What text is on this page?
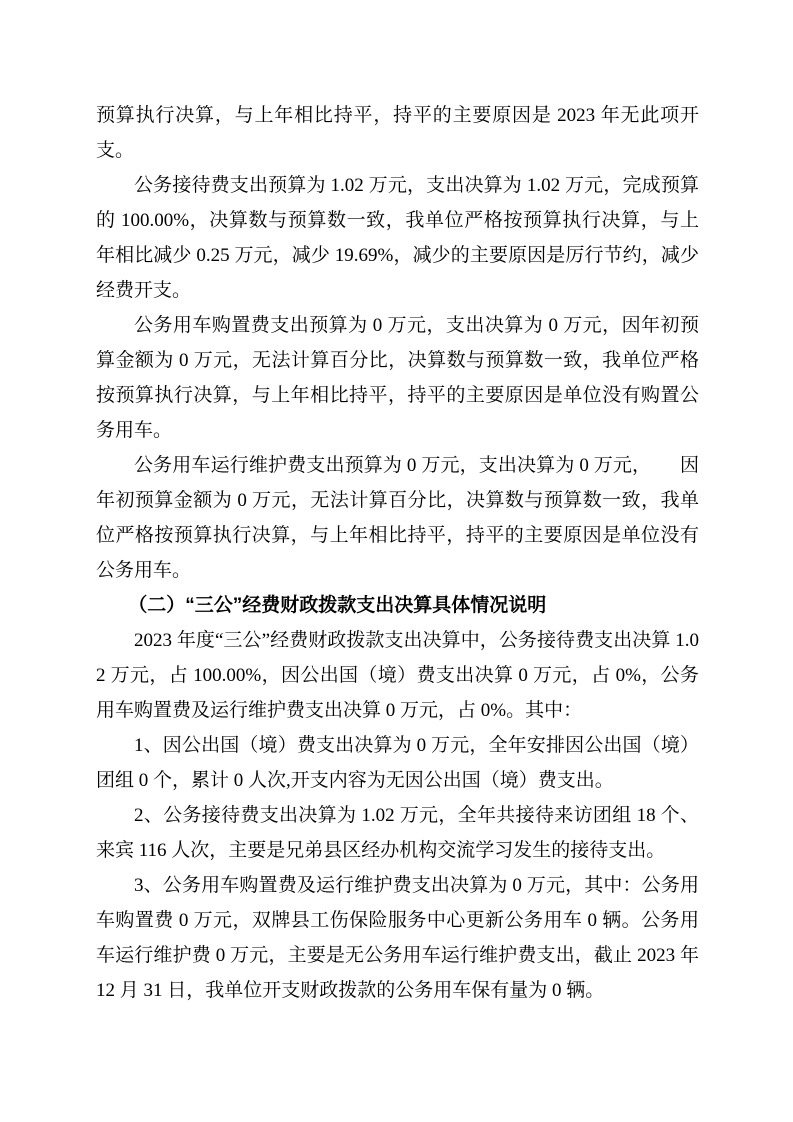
预算执行决算，与上年相比持平，持平的主要原因是 2023 年无此项开支。

公务接待费支出预算为 1.02 万元，支出决算为 1.02 万元，完成预算的 100.00%，决算数与预算数一致，我单位严格按预算执行决算，与上年相比减少 0.25 万元，减少 19.69%，减少的主要原因是厉行节约，减少经费开支。

公务用车购置费支出预算为 0 万元，支出决算为 0 万元，因年初预算金额为 0 万元，无法计算百分比，决算数与预算数一致，我单位严格按预算执行决算，与上年相比持平，持平的主要原因是单位没有购置公务用车。

公务用车运行维护费支出预算为 0 万元，支出决算为 0 万元，　　因年初预算金额为 0 万元，无法计算百分比，决算数与预算数一致，我单位严格按预算执行决算，与上年相比持平，持平的主要原因是单位没有公务用车。

（二）“三公”经费财政拨款支出决算具体情况说明

2023 年度“三公”经费财政拨款支出决算中，公务接待费支出决算 1.02 万元，占 100.00%，因公出国（境）费支出决算 0 万元，占 0%，公务用车购置费及运行维护费支出决算 0 万元，占 0%。其中：

1、因公出国（境）费支出决算为 0 万元，全年安排因公出国（境）团组 0 个，累计 0 人次,开支内容为无因公出国（境）费支出。

2、公务接待费支出决算为 1.02 万元，全年共接待来访团组 18 个、来宾 116 人次，主要是兄弟县区经办机构交流学习发生的接待支出。

3、公务用车购置费及运行维护费支出决算为 0 万元，其中：公务用车购置费 0 万元，双牌县工伤保险服务中心更新公务用车 0 辆。公务用车运行维护费 0 万元，主要是无公务用车运行维护费支出，截止 2023 年 12 月 31 日，我单位开支财政拨款的公务用车保有量为 0 辆。
